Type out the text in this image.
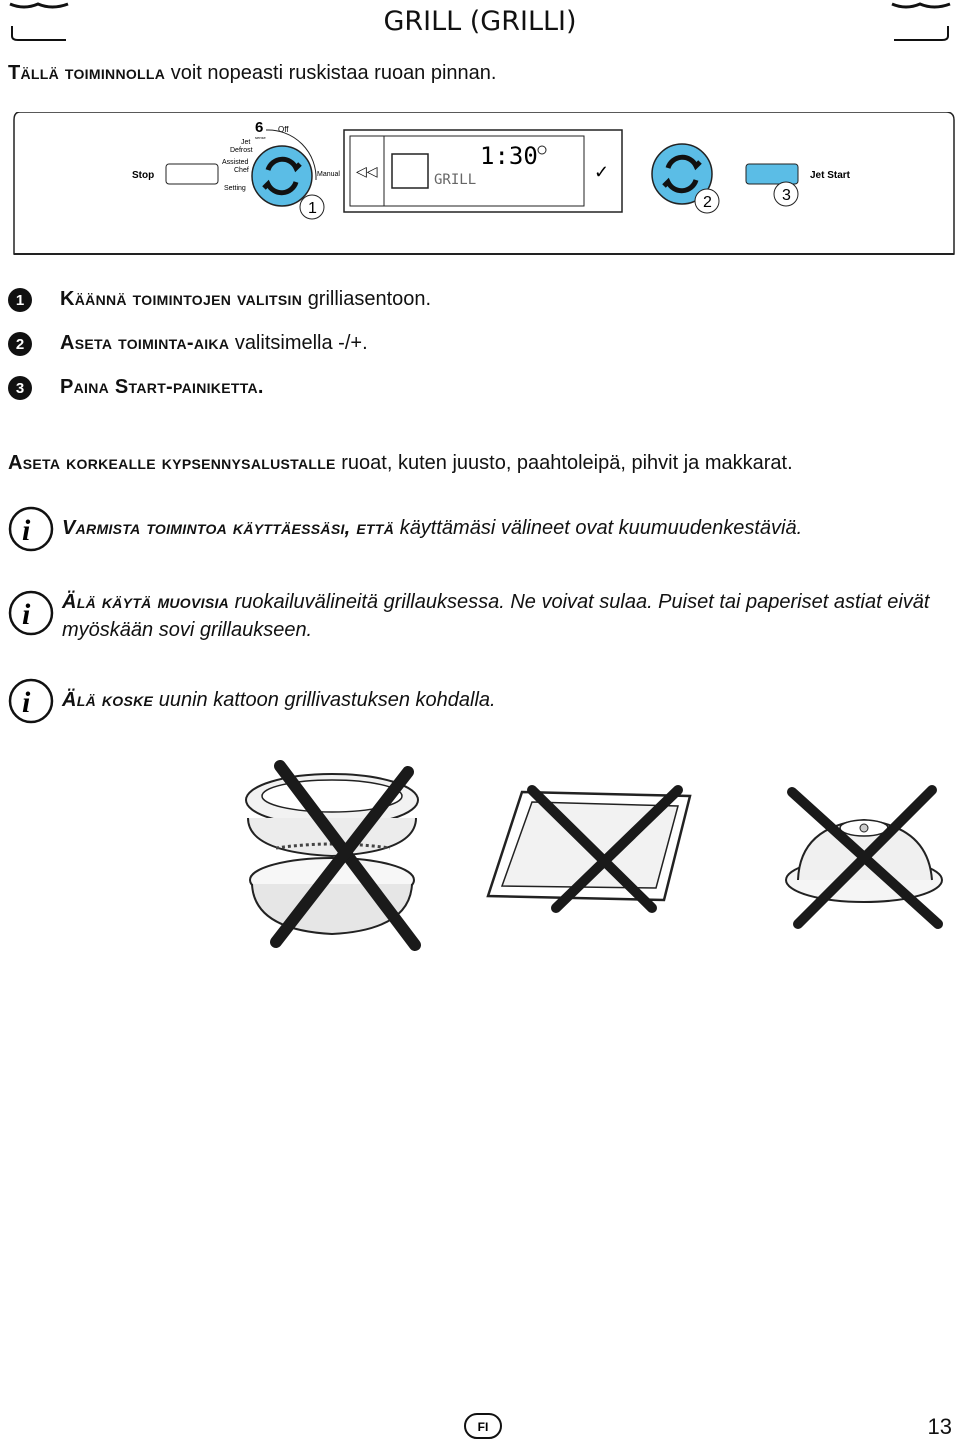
GRILL (GRILLI)
Tällä toiminnolla voit nopeasti ruskistaa ruoan pinnan.
Stop
6
sense
Off
Jet
Defrost
Assisted
Chef
Setting
Manual
1
◁◁
1:30
GRILL	✓
2
Jet Start
3
1	Käännä toimintojen valitsin grilliasentoon.
2	Aseta toiminta-aika valitsimella -/+.
3	Paina Start-painiketta.
Aseta korkealle kypsennysalustalle ruoat, kuten juusto, paahtoleipä, pihvit ja makkarat.
i Varmista toimintoa käyttäessäsi, että käyttämäsi välineet ovat kuumuudenkestäviä.
i Älä käytä muovisia ruokailuvälineitä grillauksessa. Ne voivat sulaa. Puiset tai paperiset astiat eivät myöskään sovi grillaukseen.
i Älä koske uunin kattoon grillivastuksen kohdalla.
FI	13
